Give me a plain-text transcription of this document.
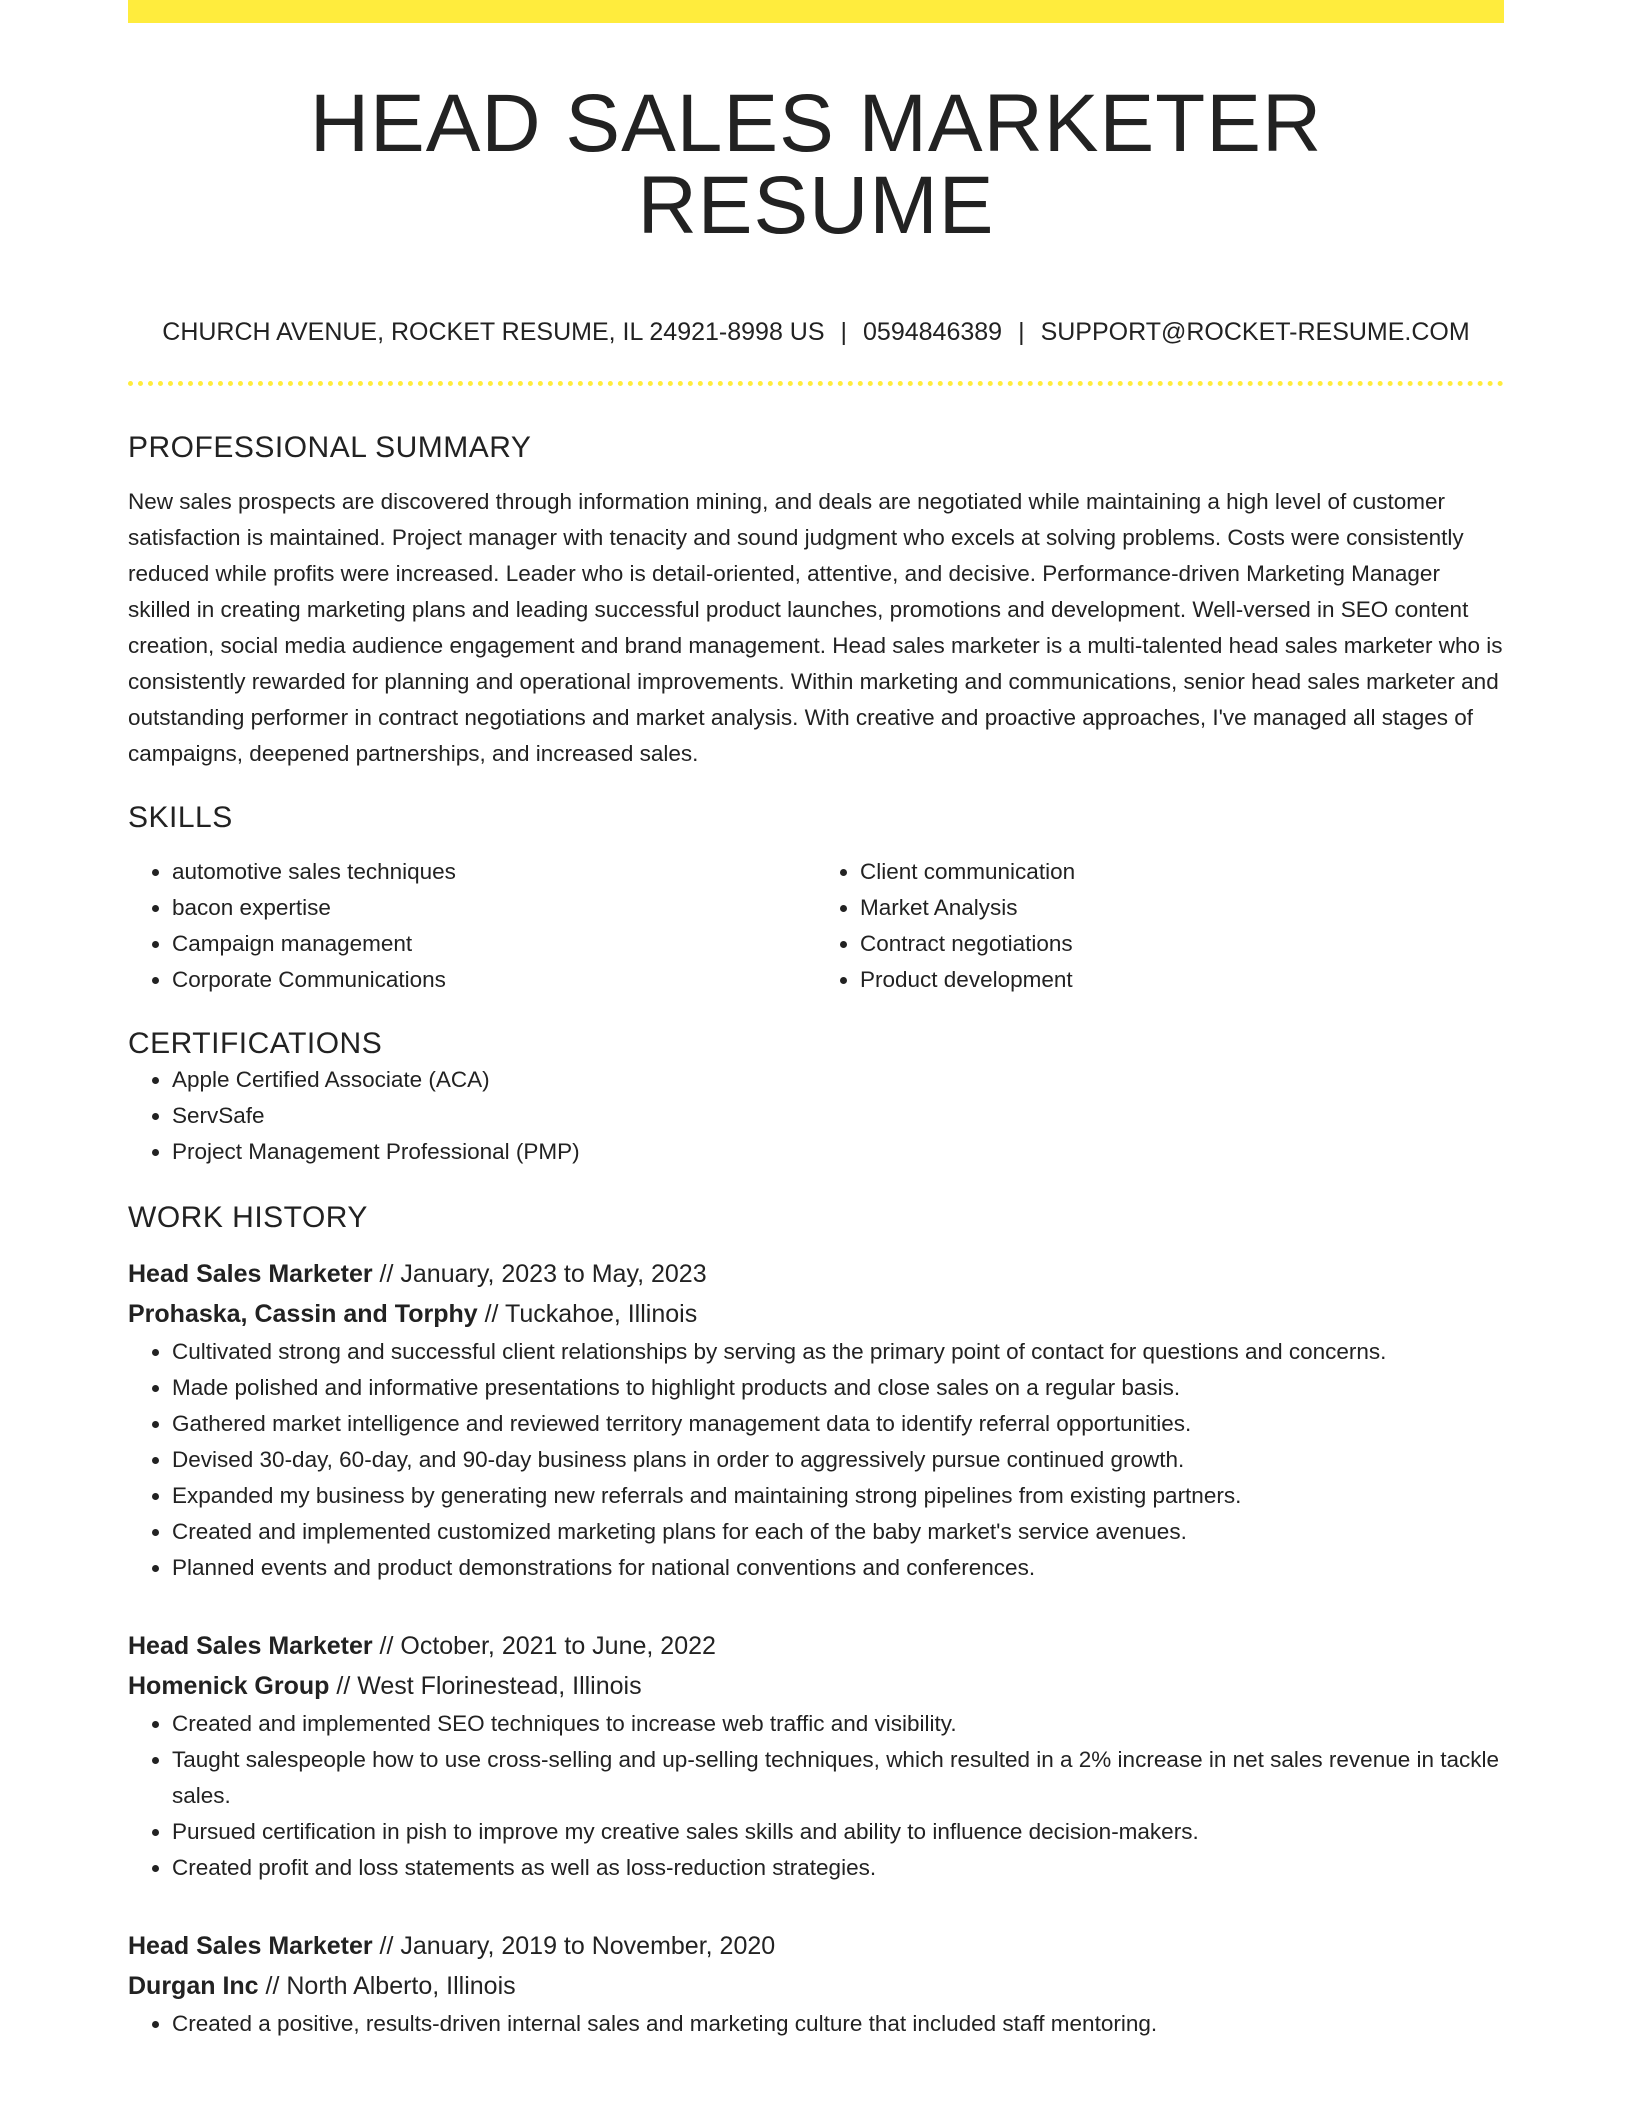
HEAD SALES MARKETER RESUME
CHURCH AVENUE, ROCKET RESUME, IL 24921-8998 US | 0594846389 | SUPPORT@ROCKET-RESUME.COM
PROFESSIONAL SUMMARY
New sales prospects are discovered through information mining, and deals are negotiated while maintaining a high level of customer satisfaction is maintained. Project manager with tenacity and sound judgment who excels at solving problems. Costs were consistently reduced while profits were increased. Leader who is detail-oriented, attentive, and decisive. Performance-driven Marketing Manager skilled in creating marketing plans and leading successful product launches, promotions and development. Well-versed in SEO content creation, social media audience engagement and brand management. Head sales marketer is a multi-talented head sales marketer who is consistently rewarded for planning and operational improvements. Within marketing and communications, senior head sales marketer and outstanding performer in contract negotiations and market analysis. With creative and proactive approaches, I've managed all stages of campaigns, deepened partnerships, and increased sales.
SKILLS
• automotive sales techniques
• bacon expertise
• Campaign management
• Corporate Communications
• Client communication
• Market Analysis
• Contract negotiations
• Product development
CERTIFICATIONS
• Apple Certified Associate (ACA)
• ServSafe
• Project Management Professional (PMP)
WORK HISTORY
Head Sales Marketer // January, 2023 to May, 2023
Prohaska, Cassin and Torphy // Tuckahoe, Illinois
• Cultivated strong and successful client relationships by serving as the primary point of contact for questions and concerns.
• Made polished and informative presentations to highlight products and close sales on a regular basis.
• Gathered market intelligence and reviewed territory management data to identify referral opportunities.
• Devised 30-day, 60-day, and 90-day business plans in order to aggressively pursue continued growth.
• Expanded my business by generating new referrals and maintaining strong pipelines from existing partners.
• Created and implemented customized marketing plans for each of the baby market's service avenues.
• Planned events and product demonstrations for national conventions and conferences.
Head Sales Marketer // October, 2021 to June, 2022
Homenick Group // West Florinestead, Illinois
• Created and implemented SEO techniques to increase web traffic and visibility.
• Taught salespeople how to use cross-selling and up-selling techniques, which resulted in a 2% increase in net sales revenue in tackle sales.
• Pursued certification in pish to improve my creative sales skills and ability to influence decision-makers.
• Created profit and loss statements as well as loss-reduction strategies.
Head Sales Marketer // January, 2019 to November, 2020
Durgan Inc // North Alberto, Illinois
• Created a positive, results-driven internal sales and marketing culture that included staff mentoring.
